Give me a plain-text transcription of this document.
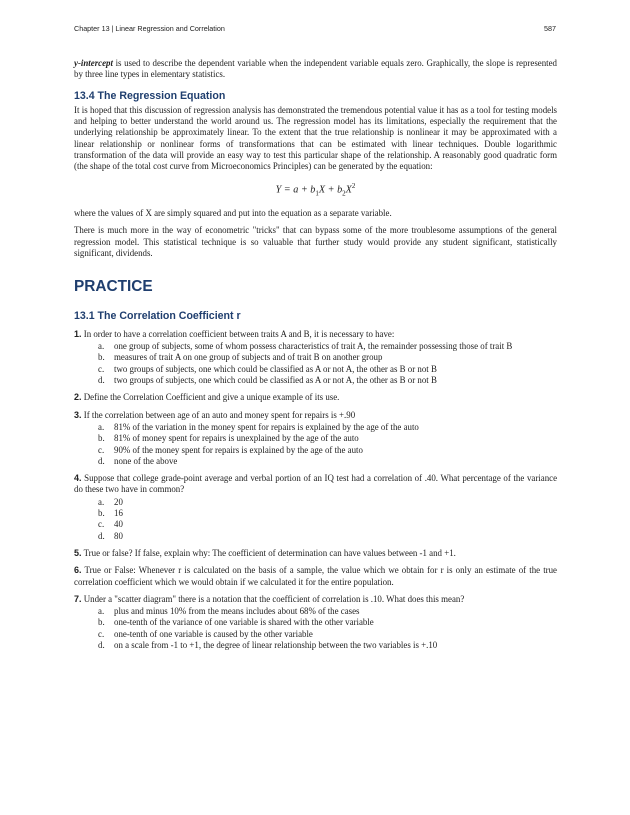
Chapter 13 | Linear Regression and Correlation	587

y-intercept is used to describe the dependent variable when the independent variable equals zero. Graphically, the slope is represented by three line types in elementary statistics.

13.4 The Regression Equation

It is hoped that this discussion of regression analysis has demonstrated the tremendous potential value it has as a tool for testing models and helping to better understand the world around us. The regression model has its limitations, especially the requirement that the underlying relationship be approximately linear. To the extent that the true relationship is nonlinear it may be approximated with a linear relationship or nonlinear forms of transformations that can be estimated with linear techniques. Double logarithmic transformation of the data will provide an easy way to test this particular shape of the relationship. A reasonably good quadratic form (the shape of the total cost curve from Microeconomics Principles) can be generated by the equation:

$Y = a + b_1X + b_2X^2$

where the values of X are simply squared and put into the equation as a separate variable.

There is much more in the way of econometric "tricks" that can bypass some of the more troublesome assumptions of the general regression model. This statistical technique is so valuable that further study would provide any student significant, statistically significant, dividends.

PRACTICE
13.1 The Correlation Coefficient r

1. In order to have a correlation coefficient between traits A and B, it is necessary to have:

a. one group of subjects, some of whom possess characteristics of trait A, the remainder possessing those of trait B
b. measures of trait A on one group of subjects and of trait B on another group
c. two groups of subjects, one which could be classified as A or not A, the other as B or not B
d. two groups of subjects, one which could be classified as A or not A, the other as B or not B

2. Define the Correlation Coefficient and give a unique example of its use.

3. If the correlation between age of an auto and money spent for repairs is +.90

a. 81% of the variation in the money spent for repairs is explained by the age of the auto
b. 81% of money spent for repairs is unexplained by the age of the auto
c. 90% of the money spent for repairs is explained by the age of the auto
d. none of the above

4. Suppose that college grade-point average and verbal portion of an IQ test had a correlation of .40. What percentage of the variance do these two have in common?

a. 20
b. 16
c. 40
d. 80

5. True or false? If false, explain why: The coefficient of determination can have values between -1 and +1.

6. True or False: Whenever r is calculated on the basis of a sample, the value which we obtain for r is only an estimate of the true correlation coefficient which we would obtain if we calculated it for the entire population.

7. Under a "scatter diagram" there is a notation that the coefficient of correlation is .10. What does this mean?

a. plus and minus 10% from the means includes about 68% of the cases
b. one-tenth of the variance of one variable is shared with the other variable
c. one-tenth of one variable is caused by the other variable
d. on a scale from -1 to +1, the degree of linear relationship between the two variables is +.10
